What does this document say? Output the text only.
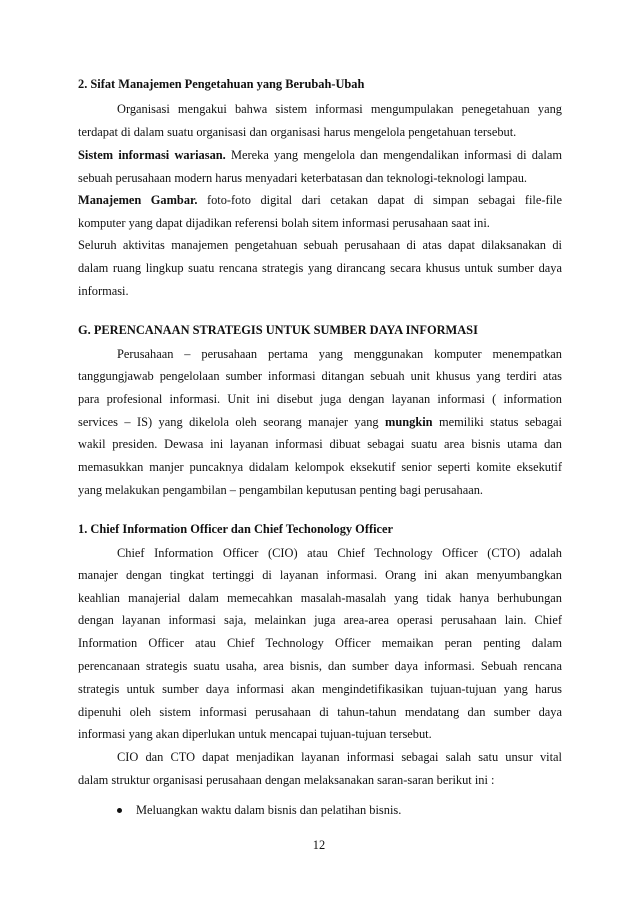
2. Sifat Manajemen Pengetahuan yang Berubah-Ubah
Organisasi mengakui bahwa sistem informasi mengumpulakan penegetahuan yang
terdapat di dalam suatu organisasi dan organisasi harus mengelola pengetahuan tersebut.
Sistem informasi wariasan. Mereka yang mengelola dan mengendalikan informasi di dalam
sebuah perusahaan modern harus menyadari keterbatasan dan teknologi-teknologi lampau.
Manajemen Gambar. foto-foto digital dari cetakan dapat di simpan sebagai file-file
komputer yang dapat dijadikan referensi bolah sitem informasi perusahaan saat ini.
Seluruh aktivitas manajemen pengetahuan sebuah perusahaan di atas dapat dilaksanakan di
dalam ruang lingkup suatu rencana strategis yang dirancang secara khusus untuk sumber daya
informasi.
G. PERENCANAAN STRATEGIS UNTUK SUMBER DAYA INFORMASI
Perusahaan – perusahaan pertama yang menggunakan komputer menempatkan
tanggungjawab pengelolaan sumber informasi ditangan sebuah unit khusus yang terdiri atas
para profesional informasi. Unit ini disebut juga dengan layanan informasi ( information
services – IS) yang dikelola oleh seorang manajer yang mungkin memiliki status sebagai
wakil presiden. Dewasa ini layanan informasi dibuat sebagai suatu area bisnis utama dan
memasukkan manjer puncaknya didalam kelompok eksekutif senior seperti komite eksekutif
yang melakukan pengambilan – pengambilan keputusan penting bagi perusahaan.
1. Chief Information Officer dan Chief Techonology Officer
Chief Information Officer (CIO) atau Chief Technology Officer (CTO) adalah
manajer dengan tingkat tertinggi di layanan informasi. Orang ini akan menyumbangkan
keahlian manajerial dalam memecahkan masalah-masalah yang tidak hanya berhubungan
dengan layanan informasi saja, melainkan juga area-area operasi perusahaan lain. Chief
Information Officer atau Chief Technology Officer memaikan peran penting dalam
perencanaan strategis suatu usaha, area bisnis, dan sumber daya informasi. Sebuah rencana
strategis untuk sumber daya informasi akan mengindetifikasikan tujuan-tujuan yang harus
dipenuhi oleh sistem informasi perusahaan di tahun-tahun mendatang dan sumber daya
informasi yang akan diperlukan untuk mencapai tujuan-tujuan tersebut.
CIO dan CTO dapat menjadikan layanan informasi sebagai salah satu unsur vital
dalam struktur organisasi perusahaan dengan melaksanakan saran-saran berikut ini :
Meluangkan waktu dalam bisnis dan pelatihan bisnis.
12
